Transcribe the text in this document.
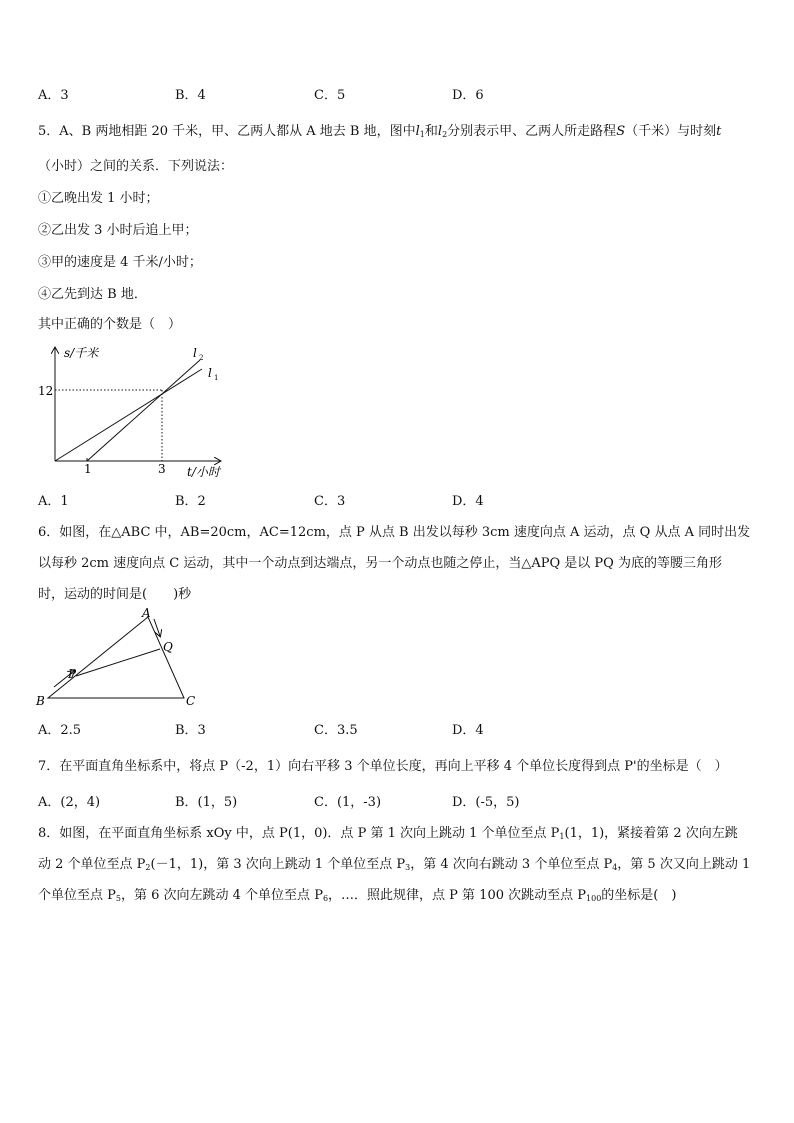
A．3	B．4	C．5	D．6
5．A、B 两地相距 20 千米，甲、乙两人都从 A 地去 B 地，图中$l_1$和$l_2$分别表示甲、乙两人所走路程S（千米）与时刻t
（小时）之间的关系．下列说法：
①乙晚出发 1 小时；
②乙出发 3 小时后追上甲；
③甲的速度是 4 千米/小时；
④乙先到达 B 地．
其中正确的个数是（　）
s/千米
12
1	3 t/小时
l 2
l 1
A．1	B．2	C．3	D．4
6．如图，在△ABC 中，AB=20cm，AC=12cm，点 P 从点 B 出发以每秒 3cm 速度向点 A 运动，点 Q 从点 A 同时出发
以每秒 2cm 速度向点 C 运动，其中一个动点到达端点，另一个动点也随之停止，当△APQ 是以 PQ 为底的等腰三角形
时，运动的时间是(　　)秒
A
Q
P
B	C
A．2.5	B．3	C．3.5	D．4
7．在平面直角坐标系中，将点 P（-2，1）向右平移 3 个单位长度，再向上平移 4 个单位长度得到点 P'的坐标是（　）
A．(2，4)	B．(1，5)	C．(1，-3)	D．(-5，5)
8．如图，在平面直角坐标系 xOy 中，点 P(1，0)．点 P 第 1 次向上跳动 1 个单位至点 $P_1(1$，1)，紧接着第 2 次向左跳
动 2 个单位至点 $P_2(-1$，1)，第 3 次向上跳动 1 个单位至点 $P_3$，第 4 次向右跳动 3 个单位至点 $P_4$，第 5 次又向上跳动 1
个单位至点 $P_5$，第 6 次向左跳动 4 个单位至点 $P_6$，…．照此规律，点 P 第 100 次跳动至点 $P_{100}$的坐标是(　)
